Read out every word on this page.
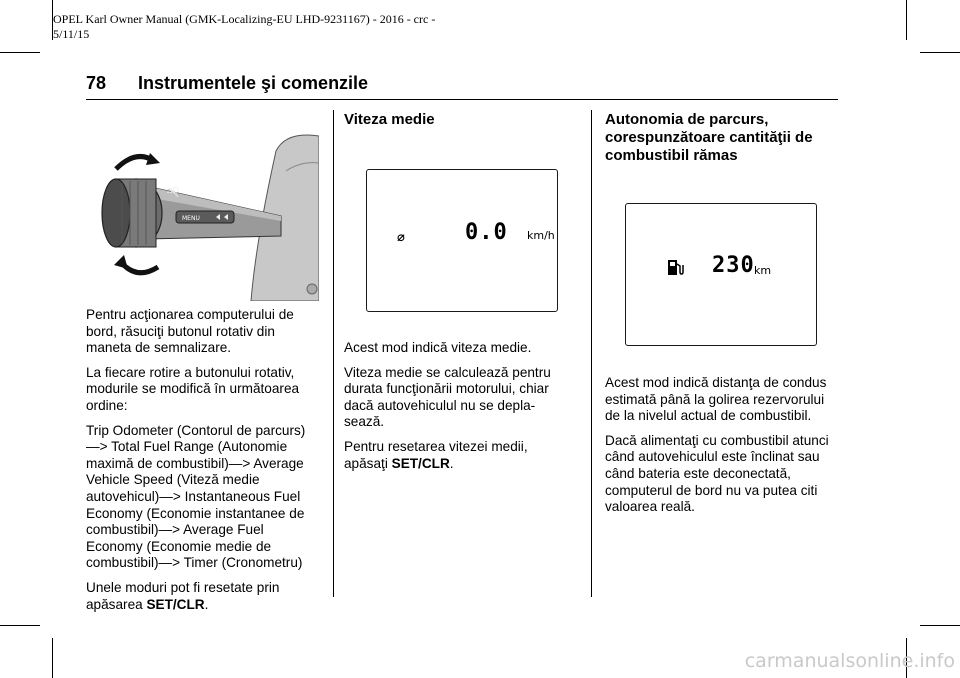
OPEL Karl Owner Manual (GMK-Localizing-EU LHD-9231167) - 2016 - crc -
5/11/15
78 Instrumentele şi comenzile
MENU
⊐D

Pentru acţionarea computerului de bord, răsuciţi butonul rotativ din maneta de semnalizare.

La fiecare rotire a butonului rotativ, modurile se modifică în următoarea ordine:

Trip Odometer (Contorul de parcurs) —> Total Fuel Range (Autonomie maximă de combustibil)—> Average Vehicle Speed (Viteză medie autovehicul)—> Instantaneous Fuel Economy (Economie instantanee de combustibil)—> Average Fuel Economy (Economie medie de combustibil)—> Timer (Cronometru)

Unele moduri pot fi resetate prin apăsarea SET/CLR.

Viteza medie
⌀	0.0 km/h

Acest mod indică viteza medie.

Viteza medie se calculează pentru durata funcţionării motorului, chiar dacă autovehiculul nu se depla-sează.

Pentru resetarea vitezei medii, apăsaţi SET/CLR.

Autonomia de parcurs, corespunzătoare cantităţii de combustibil rămas
230 km

Acest mod indică distanţa de condus estimată până la golirea rezervorului de la nivelul actual de combustibil.

Dacă alimentaţi cu combustibil atunci când autovehiculul este înclinat sau când bateria este deconectată, computerul de bord nu va putea citi valoarea reală.

carmanualsonline.info
